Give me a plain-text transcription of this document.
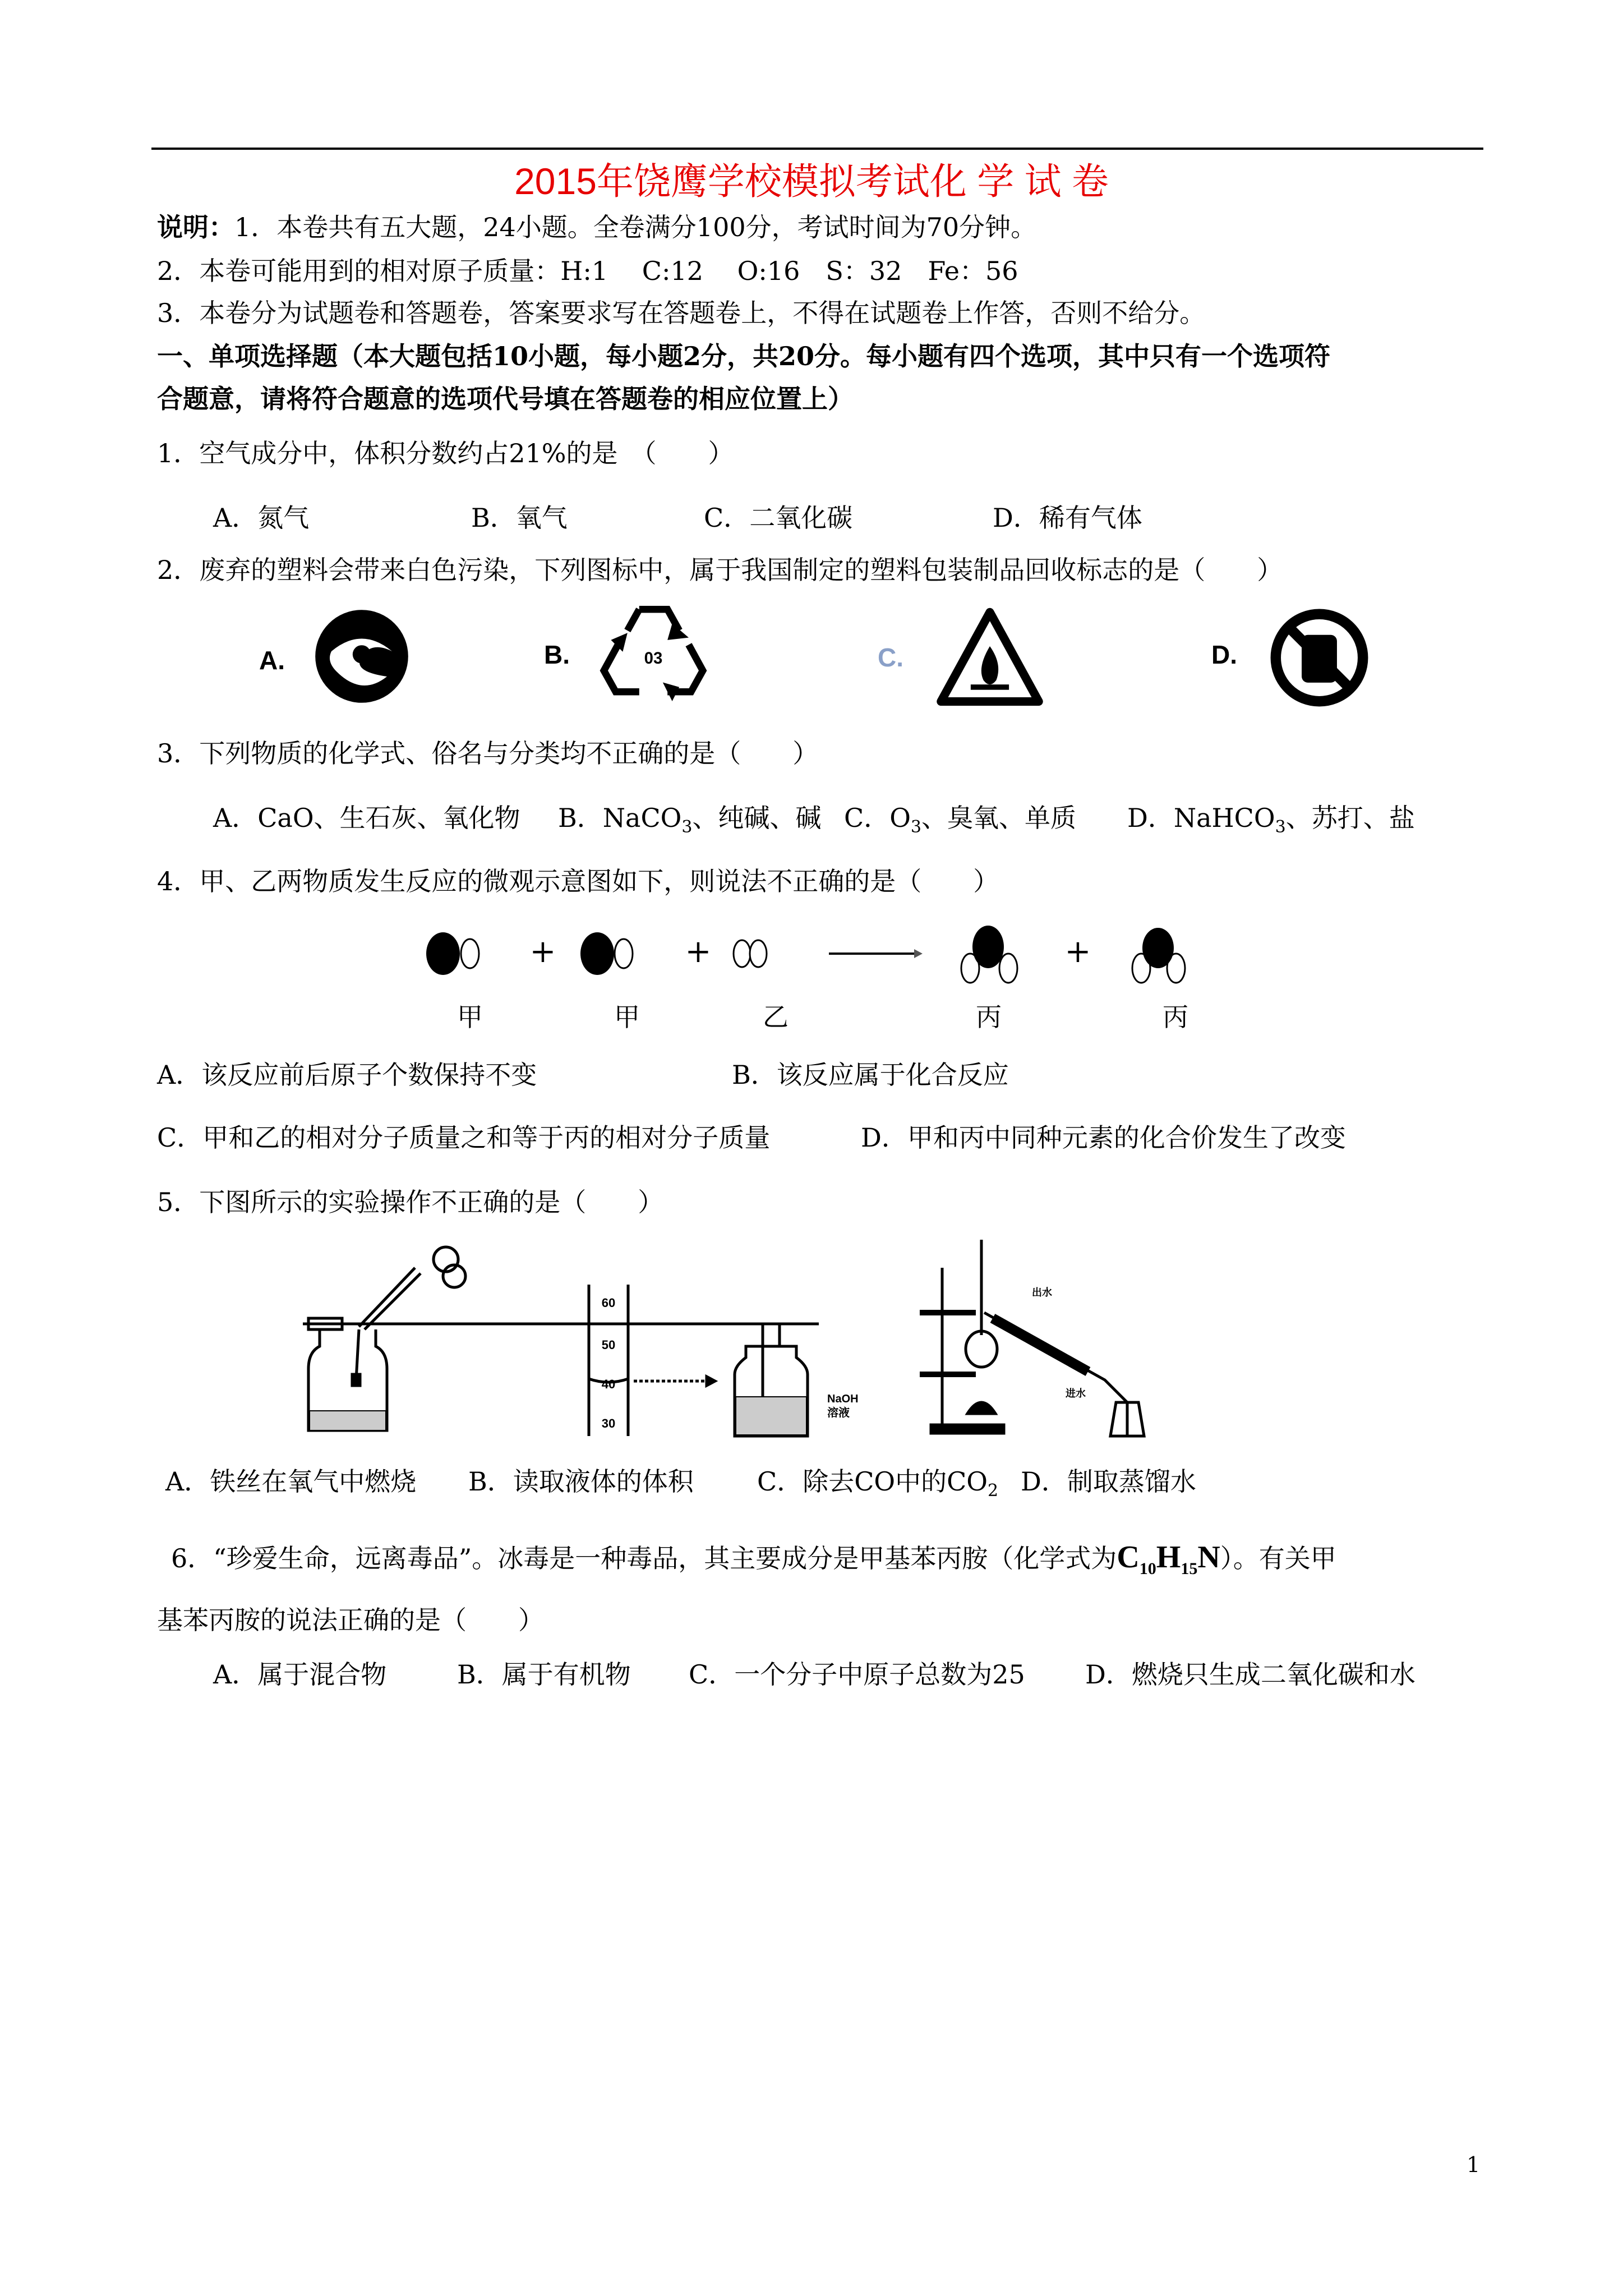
2015年饶鹰学校模拟考试化 学 试 卷
说明：1．本卷共有五大题，24小题。全卷满分100分，考试时间为70分钟。
2．本卷可能用到的相对原子质量：H:1　 C:12　 O:16　S：32　Fe：56
3．本卷分为试题卷和答题卷，答案要求写在答题卷上，不得在试题卷上作答，否则不给分。
一、单项选择题（本大题包括10小题，每小题2分，共20分。每小题有四个选项，其中只有一个选项符
合题意，请将符合题意的选项代号填在答题卷的相应位置上）
1．空气成分中，体积分数约占21%的是　（　　）
A．氮气	B．氧气	C．二氧化碳	D．稀有气体
2．废弃的塑料会带来白色污染，下列图标中，属于我国制定的塑料包装制品回收标志的是（　　）
A.	B.	03	C.	D.
3．下列物质的化学式、俗名与分类均不正确的是（　　）
A．CaO、生石灰、氧化物 B．NaCO$_3$、纯碱、碱 C．$O_3$、臭氧、单质 D．NaHCO$_3$、苏打、盐
4．甲、乙两物质发生反应的微观示意图如下，则说法不正确的是（　　）
+	+	+
甲	甲	乙	丙	丙
A．该反应前后原子个数保持不变	B．该反应属于化合反应
C．甲和乙的相对分子质量之和等于丙的相对分子质量	D．甲和丙中同种元素的化合价发生了改变
5．下图所示的实验操作不正确的是（　　）
60
50
40
30
NaOH
溶液
出水
进水
A．铁丝在氧气中燃烧 B．读取液体的体积 C．除去CO中的$CO_2$ D．制取蒸馏水
6．“珍爱生命，远离毒品”。冰毒是一种毒品，其主要成分是甲基苯丙胺（化学式为$C_{10}H_{15}N$）。有关甲
基苯丙胺的说法正确的是（　　）
A．属于混合物	B．属于有机物 C．一个分子中原子总数为25 D．燃烧只生成二氧化碳和水
1
